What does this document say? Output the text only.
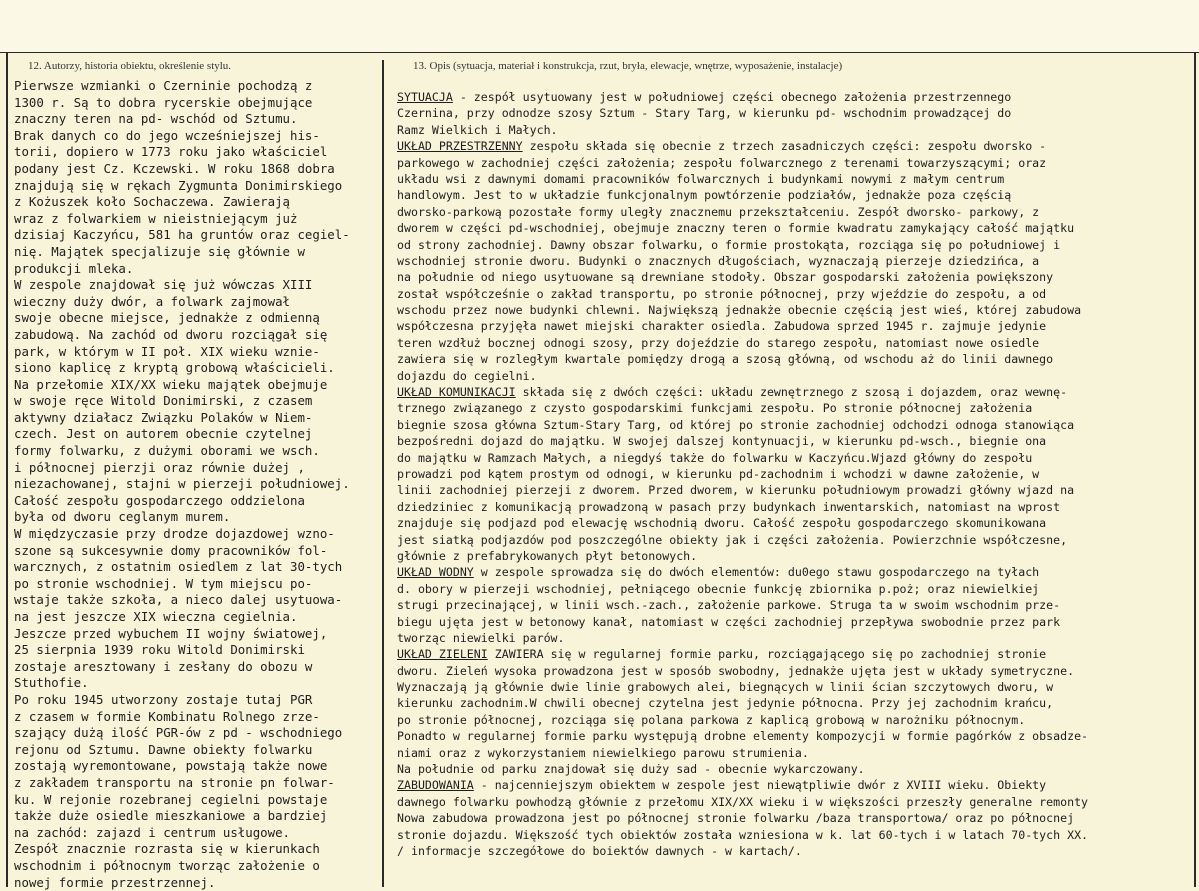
12. Autorzy, historia obiektu, określenie stylu.	13. Opis (sytuacja, materiał i konstrukcja, rzut, bryła, elewacje, wnętrze, wyposażenie, instalacje)
Pierwsze wzmianki o Czerninie pochodzą z
1300 r. Są to dobra rycerskie obejmujące
znaczny teren na pd- wschód od Sztumu.
Brak danych co do jego wcześniejszej his-
torii, dopiero w 1773 roku jako właściciel
podany jest Cz. Kczewski. W roku 1868 dobra
znajdują się w rękach Zygmunta Donimirskiego
z Kożuszek koło Sochaczewa. Zawierają
wraz z folwarkiem w nieistniejącym już
dzisiaj Kaczyńcu, 581 ha gruntów oraz cegiel-
nię. Majątek specjalizuje się głównie w
produkcji mleka.
W zespole znajdował się już wówczas XIII
wieczny duży dwór, a folwark zajmował
swoje obecne miejsce, jednakże z odmienną
zabudową. Na zachód od dworu rozciągał się
park, w którym w II poł. XIX wieku wznie-
siono kaplicę z kryptą grobową właścicieli.
Na przełomie XIX/XX wieku majątek obejmuje
w swoje ręce Witold Donimirski, z czasem
aktywny działacz Związku Polaków w Niem-
czech. Jest on autorem obecnie czytelnej
formy folwarku, z dużymi oborami we wsch.
i północnej pierzji oraz równie dużej ,
niezachowanej, stajni w pierzeji południowej.
Całość zespołu gospodarczego oddzielona
była od dworu ceglanym murem.
W międzyczasie przy drodze dojazdowej wzno-
szone są sukcesywnie domy pracowników fol-
warcznych, z ostatnim osiedlem z lat 30-tych
po stronie wschodniej. W tym miejscu po-
wstaje także szkoła, a nieco dalej usytuowa-
na jest jeszcze XIX wieczna cegielnia.
Jeszcze przed wybuchem II wojny światowej,
25 sierpnia 1939 roku Witold Donimirski
zostaje aresztowany i zesłany do obozu w
Stuthofie.
Po roku 1945 utworzony zostaje tutaj PGR
z czasem w formie Kombinatu Rolnego zrze-
szający dużą ilość PGR-ów z pd - wschodniego
rejonu od Sztumu. Dawne obiekty folwarku
zostają wyremontowane, powstają także nowe
z zakładem transportu na stronie pn folwar-
ku. W rejonie rozebranej cegielni powstaje
także duże osiedle mieszkaniowe a bardziej
na zachód: zajazd i centrum usługowe.
Zespół znacznie rozrasta się w kierunkach
wschodnim i północnym tworząc założenie o
nowej formie przestrzennej.
SYTUACJA - zespół usytuowany jest w południowej części obecnego założenia przestrzennego
Czernina, przy odnodze szosy Sztum - Stary Targ, w kierunku pd- wschodnim prowadzącej do
Ramz Wielkich i Małych.
UKŁAD PRZESTRZENNY zespołu składa się obecnie z trzech zasadniczych części: zespołu dworsko -
parkowego w zachodniej części założenia; zespołu folwarcznego z terenami towarzyszącymi; oraz
układu wsi z dawnymi domami pracowników folwarcznych i budynkami nowymi z małym centrum
handlowym. Jest to w układzie funkcjonalnym powtórzenie podziałów, jednakże poza częścią
dworsko-parkową pozostałe formy uległy znacznemu przekształceniu. Zespół dworsko- parkowy, z
dworem w części pd-wschodniej, obejmuje znaczny teren o formie kwadratu zamykający całość majątku
od strony zachodniej. Dawny obszar folwarku, o formie prostokąta, rozciąga się po południowej i
wschodniej stronie dworu. Budynki o znacznych długościach, wyznaczają pierzeje dziedzińca, a
na południe od niego usytuowane są drewniane stodoły. Obszar gospodarski założenia powiększony
został współcześnie o zakład transportu, po stronie północnej, przy wjeździe do zespołu, a od
wschodu przez nowe budynki chlewni. Największą jednakże obecnie częścią jest wieś, której zabudowa
współczesna przyjęła nawet miejski charakter osiedla. Zabudowa sprzed 1945 r. zajmuje jedynie
teren wzdłuż bocznej odnogi szosy, przy dojeździe do starego zespołu, natomiast nowe osiedle
zawiera się w rozległym kwartale pomiędzy drogą a szosą główną, od wschodu aż do linii dawnego
dojazdu do cegielni.
UKŁAD KOMUNIKACJI składa się z dwóch części: układu zewnętrznego z szosą i dojazdem, oraz wewnę-
trznego związanego z czysto gospodarskimi funkcjami zespołu. Po stronie północnej założenia
biegnie szosa główna Sztum-Stary Targ, od której po stronie zachodniej odchodzi odnoga stanowiąca
bezpośredni dojazd do majątku. W swojej dalszej kontynuacji, w kierunku pd-wsch., biegnie ona
do majątku w Ramzach Małych, a niegdyś także do folwarku w Kaczyńcu.Wjazd główny do zespołu
prowadzi pod kątem prostym od odnogi, w kierunku pd-zachodnim i wchodzi w dawne założenie, w
linii zachodniej pierzeji z dworem. Przed dworem, w kierunku południowym prowadzi główny wjazd na
dziedziniec z komunikacją prowadzoną w pasach przy budynkach inwentarskich, natomiast na wprost
znajduje się podjazd pod elewację wschodnią dworu. Całość zespołu gospodarczego skomunikowana
jest siatką podjazdów pod poszczególne obiekty jak i części założenia. Powierzchnie współczesne,
głównie z prefabrykowanych płyt betonowych.
UKŁAD WODNY w zespole sprowadza się do dwóch elementów: du0ego stawu gospodarczego na tyłach
d. obory w pierzeji wschodniej, pełniącego obecnie funkcję zbiornika p.poż; oraz niewielkiej
strugi przecinającej, w linii wsch.-zach., założenie parkowe. Struga ta w swoim wschodnim prze-
biegu ujęta jest w betonowy kanał, natomiast w części zachodniej przepływa swobodnie przez park
tworząc niewielki parów.
UKŁAD ZIELENI ZAWIERA się w regularnej formie parku, rozciągającego się po zachodniej stronie
dworu. Zieleń wysoka prowadzona jest w sposób swobodny, jednakże ujęta jest w układy symetryczne.
Wyznaczają ją głównie dwie linie grabowych alei, biegnących w linii ścian szczytowych dworu, w
kierunku zachodnim.W chwili obecnej czytelna jest jedynie północna. Przy jej zachodnim krańcu,
po stronie północnej, rozciąga się polana parkowa z kaplicą grobową w narożniku północnym.
Ponadto w regularnej formie parku występują drobne elementy kompozycji w formie pagórków z obsadze-
niami oraz z wykorzystaniem niewielkiego parowu strumienia.
Na południe od parku znajdował się duży sad - obecnie wykarczowany.
ZABUDOWANIA - najcenniejszym obiektem w zespole jest niewątpliwie dwór z XVIII wieku. Obiekty
dawnego folwarku powhodzą głównie z przełomu XIX/XX wieku i w większości przeszły generalne remonty
Nowa zabudowa prowadzona jest po północnej stronie folwarku /baza transportowa/ oraz po północnej
stronie dojazdu. Większość tych obiektów została wzniesiona w k. lat 60-tych i w latach 70-tych XX.
/ informacje szczegółowe do boiektów dawnych - w kartach/.
